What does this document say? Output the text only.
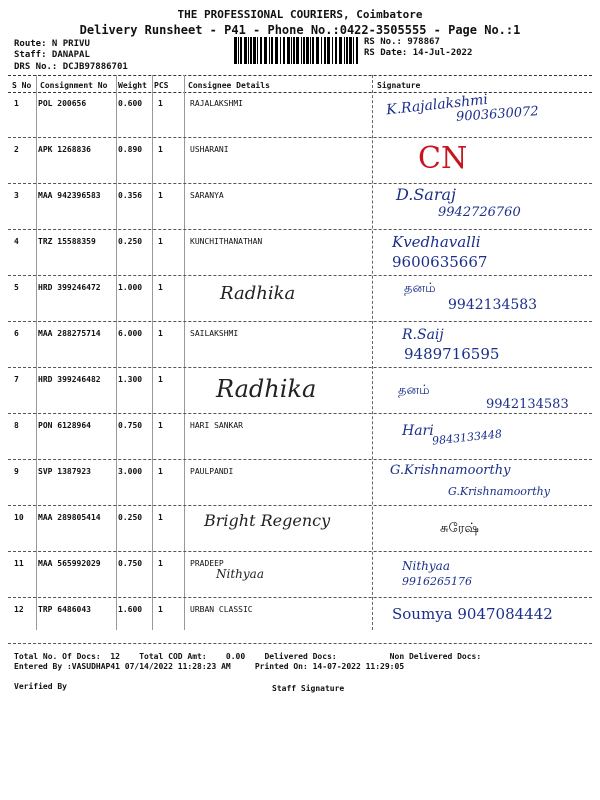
THE PROFESSIONAL COURIERS, Coimbatore
Delivery Runsheet - P41 - Phone No.:0422-3505555 - Page No.:1
Route: N PRIVU
Staff: DANAPAL
DRS No.: DCJB97886701
RS No.: 978867
RS Date: 14-Jul-2022
S No Consignment No Weight PCS Consignee Details	Signature
1 POL 200656	0.600 1	RAJALAKSHMI	K.Rajalakshmi
9003630072
2 APK 1268836	0.890 1	USHARANI	CN
3 MAA 942396583 0.356 1	SARANYA	D.Saraj
9942726760
4 TRZ 15588359	0.250 1	KUNCHITHANATHAN	Kvedhavalli
9600635667
5 HRD 399246472 1.000 1	Radhika	தனம்
9942134583
6 MAA 288275714 6.000 1	SAILAKSHMI	R.Saij
9489716595
7 HRD 399246482 1.300 1 Radhika	தனம்
9942134583
8 PON 6128964	0.750 1	HARI SANKAR	Hari
9843133448
9 SVP 1387923	3.000 1	PAULPANDI	G.Krishnamoorthy
G.Krishnamoorthy
10 MAA 289805414 0.250 1	Bright Regency	சுரேஷ்
11 MAA 565992029 0.750 1	PRADEEP
Nithyaa
Nithyaa
9916265176
12 TRP 6486043	1.600 1	URBAN CLASSIC	Soumya 9047084442
Total No. Of Docs:  12    Total COD Amt:    0.00    Delivered Docs:           Non Delivered Docs:
Entered By :VASUDHAP41 07/14/2022 11:28:23 AM     Printed On: 14-07-2022 11:29:05
Verified By	Staff Signature
